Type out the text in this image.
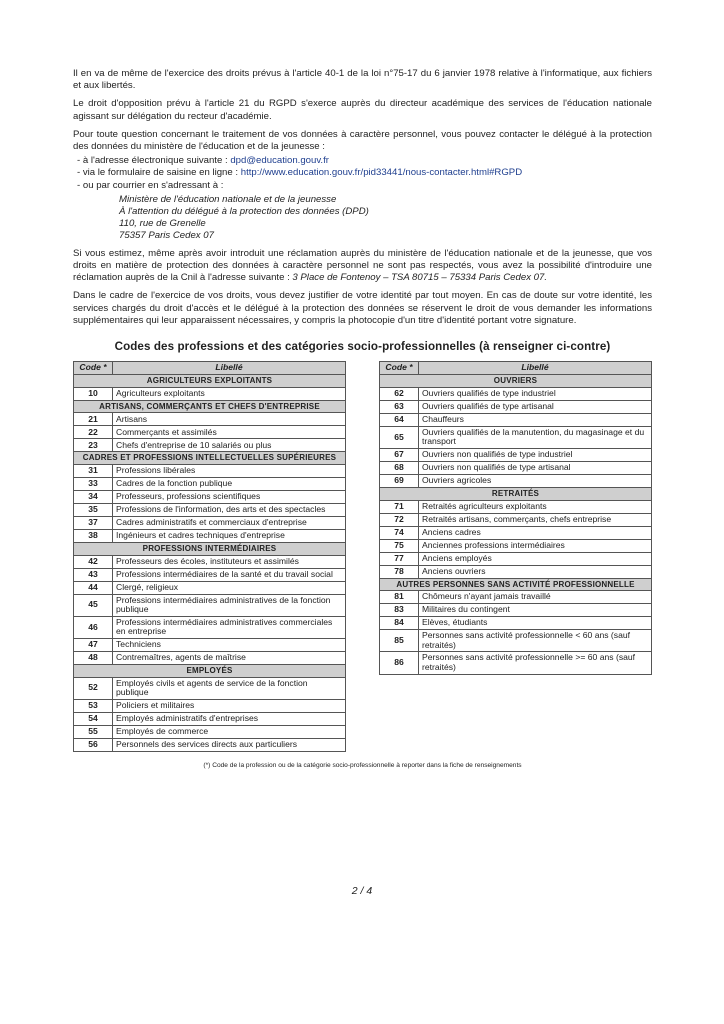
Il en va de même de l'exercice des droits prévus à l'article 40-1 de la loi n°75-17 du 6 janvier 1978 relative à l'informatique, aux fichiers et aux libertés.

Le droit d'opposition prévu à l'article 21 du RGPD s'exerce auprès du directeur académique des services de l'éducation nationale agissant sur délégation du recteur d'académie.

Pour toute question concernant le traitement de vos données à caractère personnel, vous pouvez contacter le délégué à la protection des données du ministère de l'éducation et de la jeunesse :

- à l'adresse électronique suivante : dpd@education.gouv.fr
- via le formulaire de saisine en ligne : http://www.education.gouv.fr/pid33441/nous-contacter.html#RGPD
- ou par courrier en s'adressant à :
Ministère de l'éducation nationale et de la jeunesse
À l'attention du délégué à la protection des données (DPD)
110, rue de Grenelle
75357 Paris Cedex 07

Si vous estimez, même après avoir introduit une réclamation auprès du ministère de l'éducation nationale et de la jeunesse, que vos droits en matière de protection des données à caractère personnel ne sont pas respectés, vous avez la possibilité d'introduire une réclamation auprès de la Cnil à l'adresse suivante : 3 Place de Fontenoy – TSA 80715 – 75334 Paris Cedex 07.

Dans le cadre de l'exercice de vos droits, vous devez justifier de votre identité par tout moyen. En cas de doute sur votre identité, les services chargés du droit d'accès et le délégué à la protection des données se réservent le droit de vous demander les informations supplémentaires qui leur apparaissent nécessaires, y compris la photocopie d'un titre d'identité portant votre signature.

Codes des professions et des catégories socio-professionnelles (à renseigner ci-contre)
Code *	Libellé
AGRICULTEURS EXPLOITANTS	
10	Agriculteurs exploitants
ARTISANS, COMMERÇANTS ET CHEFS D'ENTREPRISE	
21	Artisans
22	Commerçants et assimilés
23	Chefs d'entreprise de 10 salariés ou plus
CADRES ET PROFESSIONS INTELLECTUELLES SUPÉRIEURES	
31	Professions libérales
33	Cadres de la fonction publique
34	Professeurs, professions scientifiques
35	Professions de l'information, des arts et des spectacles
37	Cadres administratifs et commerciaux d'entreprise
38	Ingénieurs et cadres techniques d'entreprise
PROFESSIONS INTERMÉDIAIRES	
42	Professeurs des écoles, instituteurs et assimilés
43	Professions intermédiaires de la santé et du travail social
44	Clergé, religieux
45	Professions intermédiaires administratives de la fonction publique
46	Professions intermédiaires administratives commerciales en entreprise
47	Techniciens
48	Contremaîtres, agents de maîtrise
EMPLOYÉS	
52	Employés civils et agents de service de la fonction publique
53	Policiers et militaires
54	Employés administratifs d'entreprises
55	Employés de commerce
56	Personnels des services directs aux particuliers
Code *	Libellé
OUVRIERS	
62	Ouvriers qualifiés de type industriel
63	Ouvriers qualifiés de type artisanal
64	Chauffeurs
65	Ouvriers qualifiés de la manutention, du magasinage et du transport
67	Ouvriers non qualifiés de type industriel
68	Ouvriers non qualifiés de type artisanal
69	Ouvriers agricoles
RETRAITÉS	
71	Retraités agriculteurs exploitants
72	Retraités artisans, commerçants, chefs entreprise
74	Anciens cadres
75	Anciennes professions intermédiaires
77	Anciens employés
78	Anciens ouvriers
AUTRES PERSONNES SANS ACTIVITÉ PROFESSIONNELLE	
81	Chômeurs n'ayant jamais travaillé
83	Militaires du contingent
84	Elèves, étudiants
85	Personnes sans activité professionnelle < 60 ans (sauf retraités)
86	Personnes sans activité professionnelle >= 60 ans (sauf retraités)
(*) Code de la profession ou de la catégorie socio-professionnelle à reporter dans la fiche de renseignements
2 / 4
